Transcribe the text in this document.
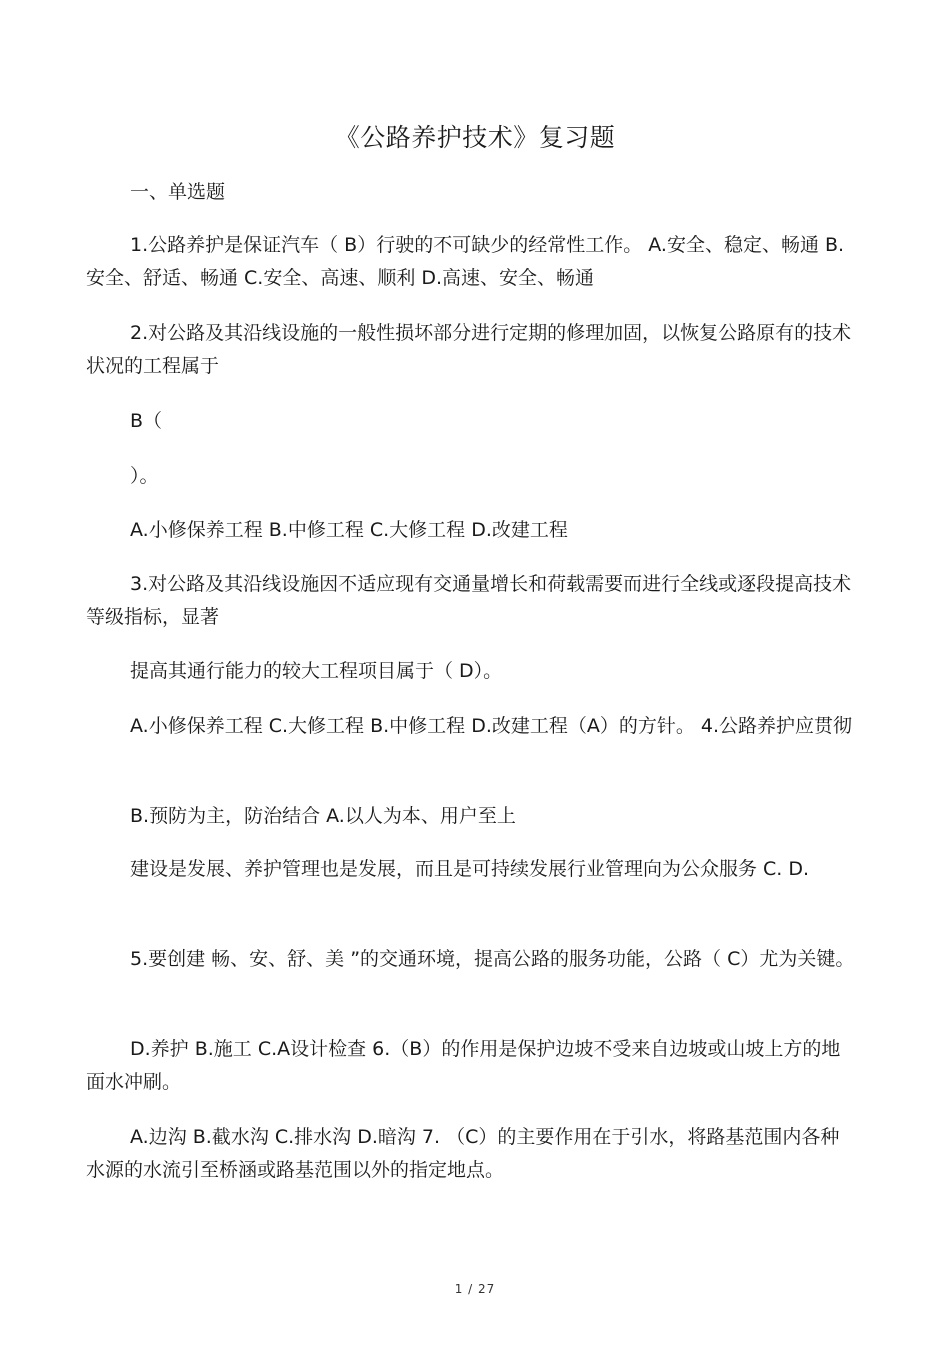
《公路养护技术》复习题
一、单选题
1.公路养护是保证汽车（ B）行驶的不可缺少的经常性工作。 A.安全、稳定、畅通 B.安全、舒适、畅通 C.安全、高速、顺利 D.高速、安全、畅通
2.对公路及其沿线设施的一般性损坏部分进行定期的修理加固，以恢复公路原有的技术状况的工程属于
B（
）。
A.小修保养工程 B.中修工程 C.大修工程 D.改建工程
3.对公路及其沿线设施因不适应现有交通量增长和荷载需要而进行全线或逐段提高技术等级指标，显著
提高其通行能力的较大工程项目属于（ D）。
A.小修保养工程 C.大修工程 B.中修工程 D.改建工程（A）的方针。 4.公路养护应贯彻
B.预防为主，防治结合 A.以人为本、用户至上
建设是发展、养护管理也是发展，而且是可持续发展行业管理向为公众服务 C. D.
5.要创建 畅、安、舒、美 ”的交通环境，提高公路的服务功能，公路（ C）尤为关键。
D.养护 B.施工 C.A设计检查 6.（B）的作用是保护边坡不受来自边坡或山坡上方的地面水冲刷。
A.边沟 B.截水沟 C.排水沟 D.暗沟 7. （C）的主要作用在于引水，将路基范围内各种水源的水流引至桥涵或路基范围以外的指定地点。
1 / 27
